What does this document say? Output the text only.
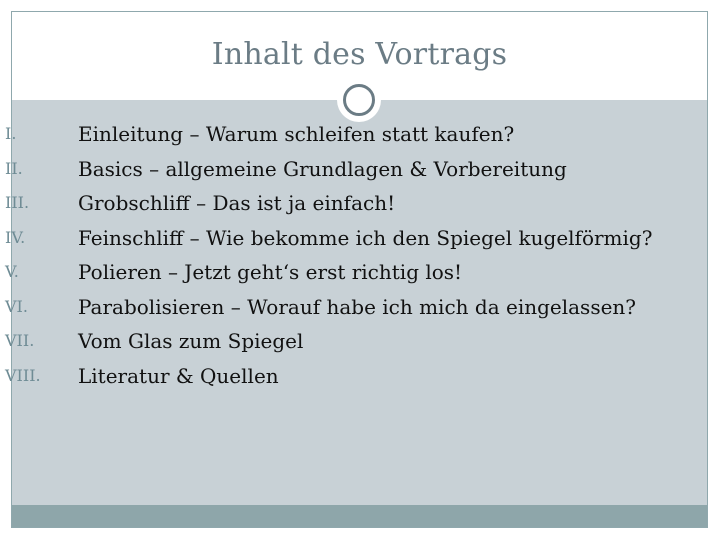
Inhalt des Vortrags
I.	Einleitung – Warum schleifen statt kaufen?
II.	Basics – allgemeine Grundlagen & Vorbereitung
III.	Grobschliff – Das ist ja einfach!
IV.	Feinschliff – Wie bekomme ich den Spiegel kugelförmig?
V.	Polieren – Jetzt geht‘s erst richtig los!
VI.	Parabolisieren – Worauf habe ich mich da eingelassen?
VII.	Vom Glas zum Spiegel
VIII.	Literatur & Quellen
